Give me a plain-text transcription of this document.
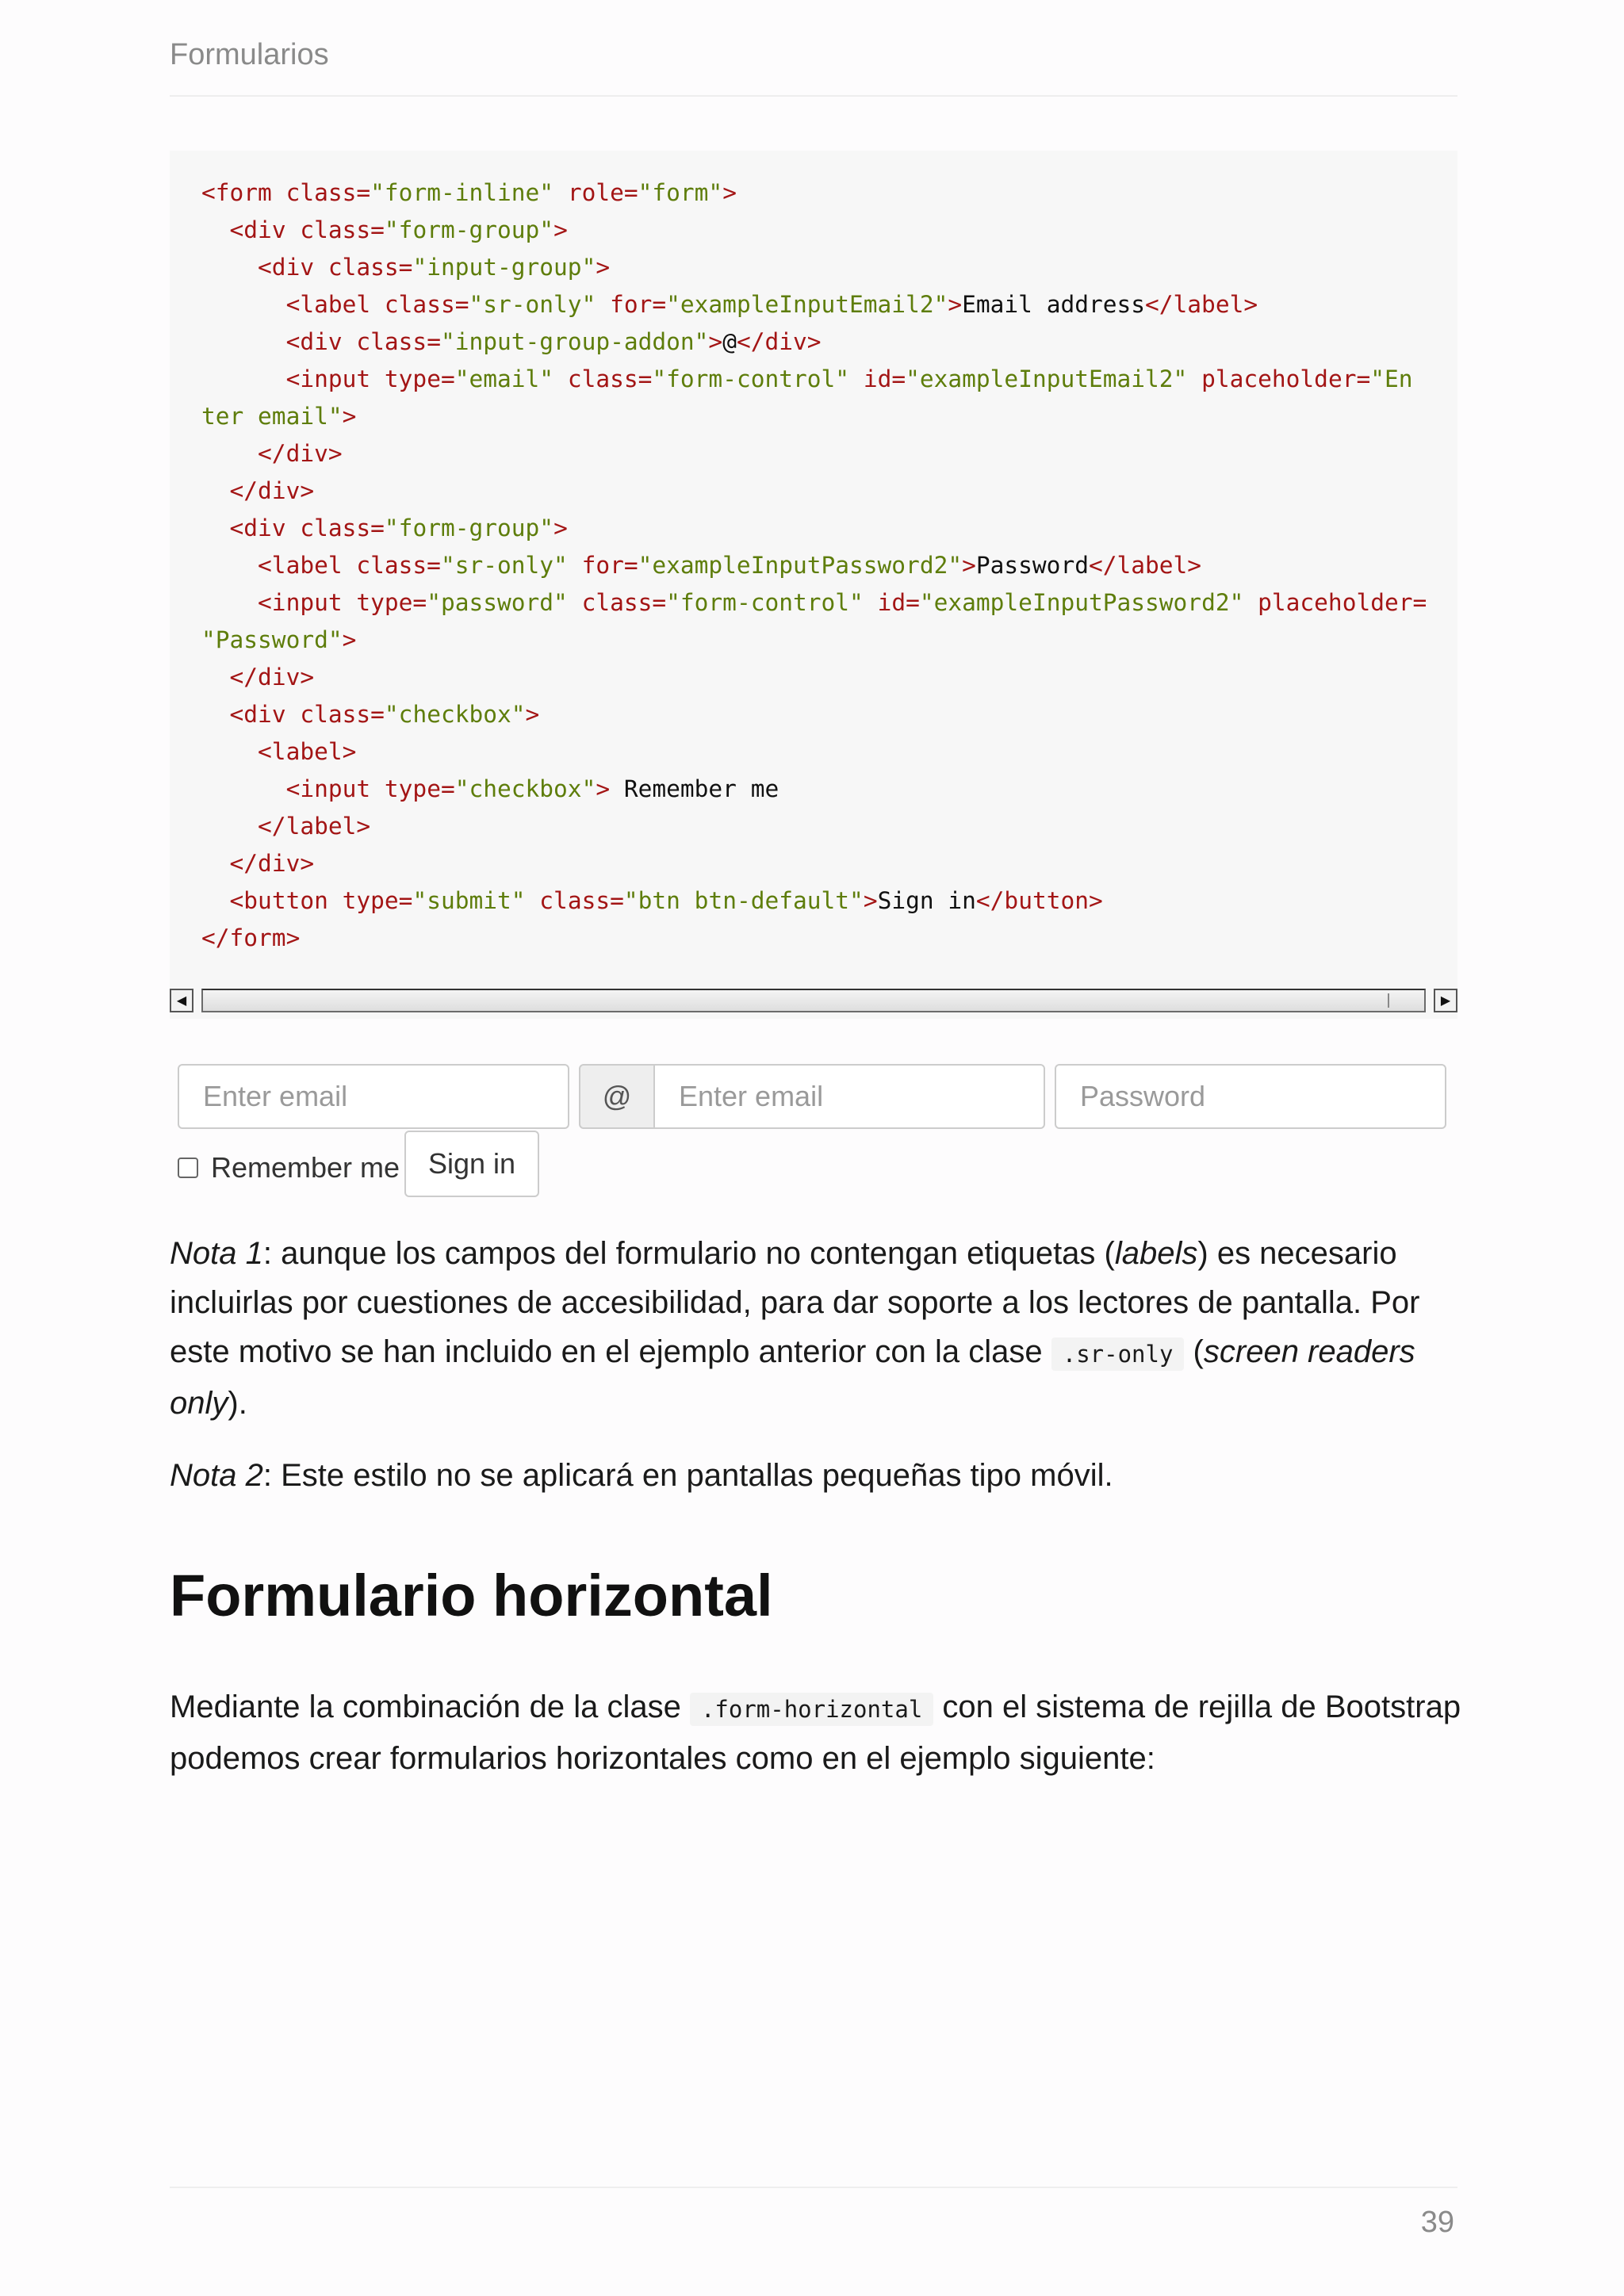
Formularios
<form class="form-inline" role="form">
<div class="form-group">
<div class="input-group">
<label class="sr-only" for="exampleInputEmail2">Email address</label>
<div class="input-group-addon">@</div>
<input type="email" class="form-control" id="exampleInputEmail2" placeholder="En
ter email">
</div>
</div>
<div class="form-group">
<label class="sr-only" for="exampleInputPassword2">Password</label>
<input type="password" class="form-control" id="exampleInputPassword2" placeholder=
"Password">
</div>
<div class="checkbox">
<label>
<input type="checkbox"> Remember me
</label>
</div>
<button type="submit" class="btn btn-default">Sign in</button>
</form>
◀	▶
Enter email	@ Enter email	Password
Remember me Sign in

Nota 1: aunque los campos del formulario no contengan etiquetas (labels) es necesario incluirlas por cuestiones de accesibilidad, para dar soporte a los lectores de pantalla. Por este motivo se han incluido en el ejemplo anterior con la clase .sr-only (screen readers only).

Nota 2: Este estilo no se aplicará en pantallas pequeñas tipo móvil.

Formulario horizontal

Mediante la combinación de la clase .form-horizontal con el sistema de rejilla de Bootstrap podemos crear formularios horizontales como en el ejemplo siguiente:

39
